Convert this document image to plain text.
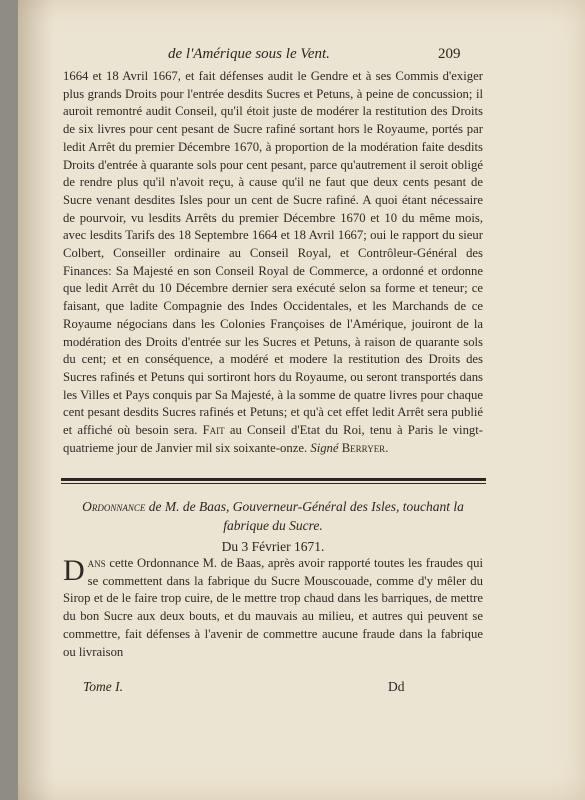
de l'Amérique sous le Vent.	209
1664 et 18 Avril 1667, et fait défenses audit le Gendre et à ses Commis d'exiger plus grands Droits pour l'entrée desdits Sucres et Petuns, à peine de concussion; il auroit remontré audit Conseil, qu'il étoit juste de modérer la restitution des Droits de six livres pour cent pesant de Sucre rafiné sortant hors le Royaume, portés par ledit Arrêt du premier Décembre 1670, à proportion de la modération faite desdits Droits d'entrée à quarante sols pour cent pesant, parce qu'autrement il seroit obligé de rendre plus qu'il n'avoit reçu, à cause qu'il ne faut que deux cents pesant de Sucre venant desdites Isles pour un cent de Sucre rafiné. A quoi étant nécessaire de pourvoir, vu lesdits Arrêts du premier Décembre 1670 et 10 du même mois, avec lesdits Tarifs des 18 Septembre 1664 et 18 Avril 1667; oui le rapport du sieur Colbert, Conseiller ordinaire au Conseil Royal, et Contrôleur-Général des Finances: Sa Majesté en son Conseil Royal de Commerce, a ordonné et ordonne que ledit Arrêt du 10 Décembre dernier sera exécuté selon sa forme et teneur; ce faisant, que ladite Compagnie des Indes Occidentales, et les Marchands de ce Royaume négocians dans les Colonies Françoises de l'Amérique, jouiront de la modération des Droits d'entrée sur les Sucres et Petuns, à raison de quarante sols du cent; et en conséquence, a modéré et modere la restitution des Droits des Sucres rafinés et Petuns qui sortiront hors du Royaume, ou seront transportés dans les Villes et Pays conquis par Sa Majesté, à la somme de quatre livres pour chaque cent pesant desdits Sucres rafinés et Petuns; et qu'à cet effet ledit Arrêt sera publié et affiché où besoin sera. Fait au Conseil d'Etat du Roi, tenu à Paris le vingt-quatrieme jour de Janvier mil six soixante-onze. Signé Berryer.
Ordonnance de M. de Baas, Gouverneur-Général des Isles, touchant la fabrique du Sucre.
Du 3 Février 1671.
Dans cette Ordonnance M. de Baas, après avoir rapporté toutes les fraudes qui se commettent dans la fabrique du Sucre Mouscouade, comme d'y mêler du Sirop et de le faire trop cuire, de le mettre trop chaud dans les barriques, de mettre du bon Sucre aux deux bouts, et du mauvais au milieu, et autres qui peuvent se commettre, fait défenses à l'avenir de commettre aucune fraude dans la fabrique ou livraison
Tome I.	Dd
